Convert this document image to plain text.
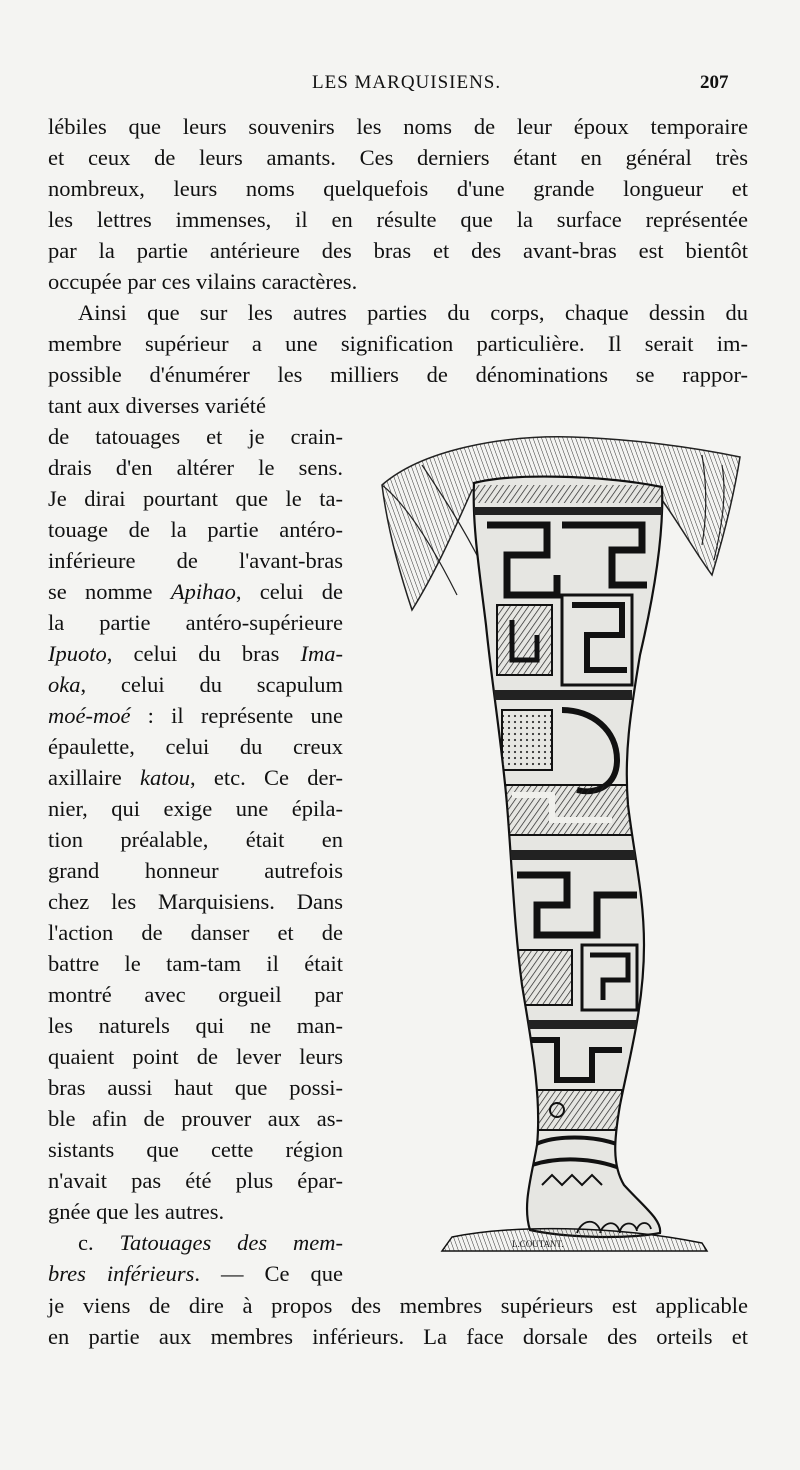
LES MARQUISIENS.	207
lébiles que leurs souvenirs les noms de leur époux temporaire
et ceux de leurs amants. Ces derniers étant en général très
nombreux, leurs noms quelquefois d'une grande longueur et
les lettres immenses, il en résulte que la surface représentée
par la partie antérieure des bras et des avant-bras est bientôt
occupée par ces vilains caractères.
Ainsi que sur les autres parties du corps, chaque dessin du
membre supérieur a une signification particulière. Il serait im-
possible d'énumérer les milliers de dénominations se rappor-
tant aux diverses variété
de tatouages et je crain-
drais d'en altérer le sens.
Je dirai pourtant que le ta-
touage de la partie antéro-
inférieure de l'avant-bras
se nomme Apihao, celui de
la partie antéro-supérieure
Ipuoto, celui du bras Ima-
oka, celui du scapulum
moé-moé : il représente une
épaulette, celui du creux
axillaire katou, etc. Ce der-
nier, qui exige une épila-
tion préalable, était en
grand honneur autrefois
chez les Marquisiens. Dans
l'action de danser et de
battre le tam-tam il était
montré avec orgueil par
les naturels qui ne man-
quaient point de lever leurs
bras aussi haut que possi-
ble afin de prouver aux as-
sistants que cette région
n'avait pas été plus épar-
gnée que les autres.
c. Tatouages des mem-
bres inférieurs. — Ce que
je viens de dire à propos des membres supérieurs est applicable
en partie aux membres inférieurs. La face dorsale des orteils et
L.COUTANT.
